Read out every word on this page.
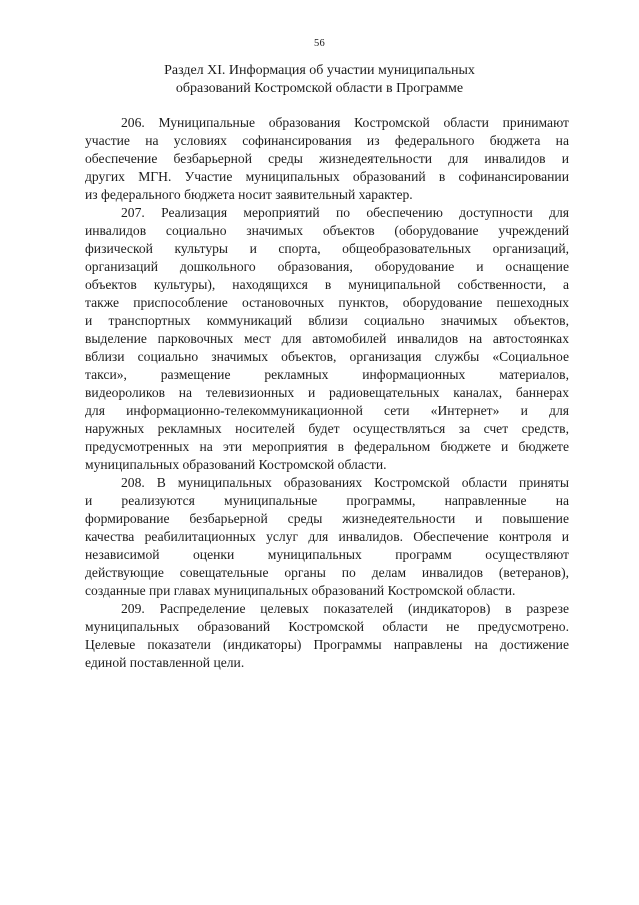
56
Раздел XI. Информация об участии муниципальных
образований Костромской области в Программе
206. Муниципальные образования Костромской области принимают
участие на условиях софинансирования из федерального бюджета на
обеспечение безбарьерной среды жизнедеятельности для инвалидов и
других МГН. Участие муниципальных образований в софинансировании
из федерального бюджета носит заявительный характер.
207. Реализация мероприятий по обеспечению доступности для
инвалидов социально значимых объектов (оборудование учреждений
физической культуры и спорта, общеобразовательных организаций,
организаций дошкольного образования, оборудование и оснащение
объектов культуры), находящихся в муниципальной собственности, а
также приспособление остановочных пунктов, оборудование пешеходных
и транспортных коммуникаций вблизи социально значимых объектов,
выделение парковочных мест для автомобилей инвалидов на автостоянках
вблизи социально значимых объектов, организация службы «Социальное
такси», размещение рекламных информационных материалов,
видеороликов на телевизионных и радиовещательных каналах, баннерах
для информационно-телекоммуникационной сети «Интернет» и для
наружных рекламных носителей будет осуществляться за счет средств,
предусмотренных на эти мероприятия в федеральном бюджете и бюджете
муниципальных образований Костромской области.
208. В муниципальных образованиях Костромской области приняты
и реализуются муниципальные программы, направленные на
формирование безбарьерной среды жизнедеятельности и повышение
качества реабилитационных услуг для инвалидов. Обеспечение контроля и
независимой оценки муниципальных программ осуществляют
действующие совещательные органы по делам инвалидов (ветеранов),
созданные при главах муниципальных образований Костромской области.
209. Распределение целевых показателей (индикаторов) в разрезе
муниципальных образований Костромской области не предусмотрено.
Целевые показатели (индикаторы) Программы направлены на достижение
единой поставленной цели.
